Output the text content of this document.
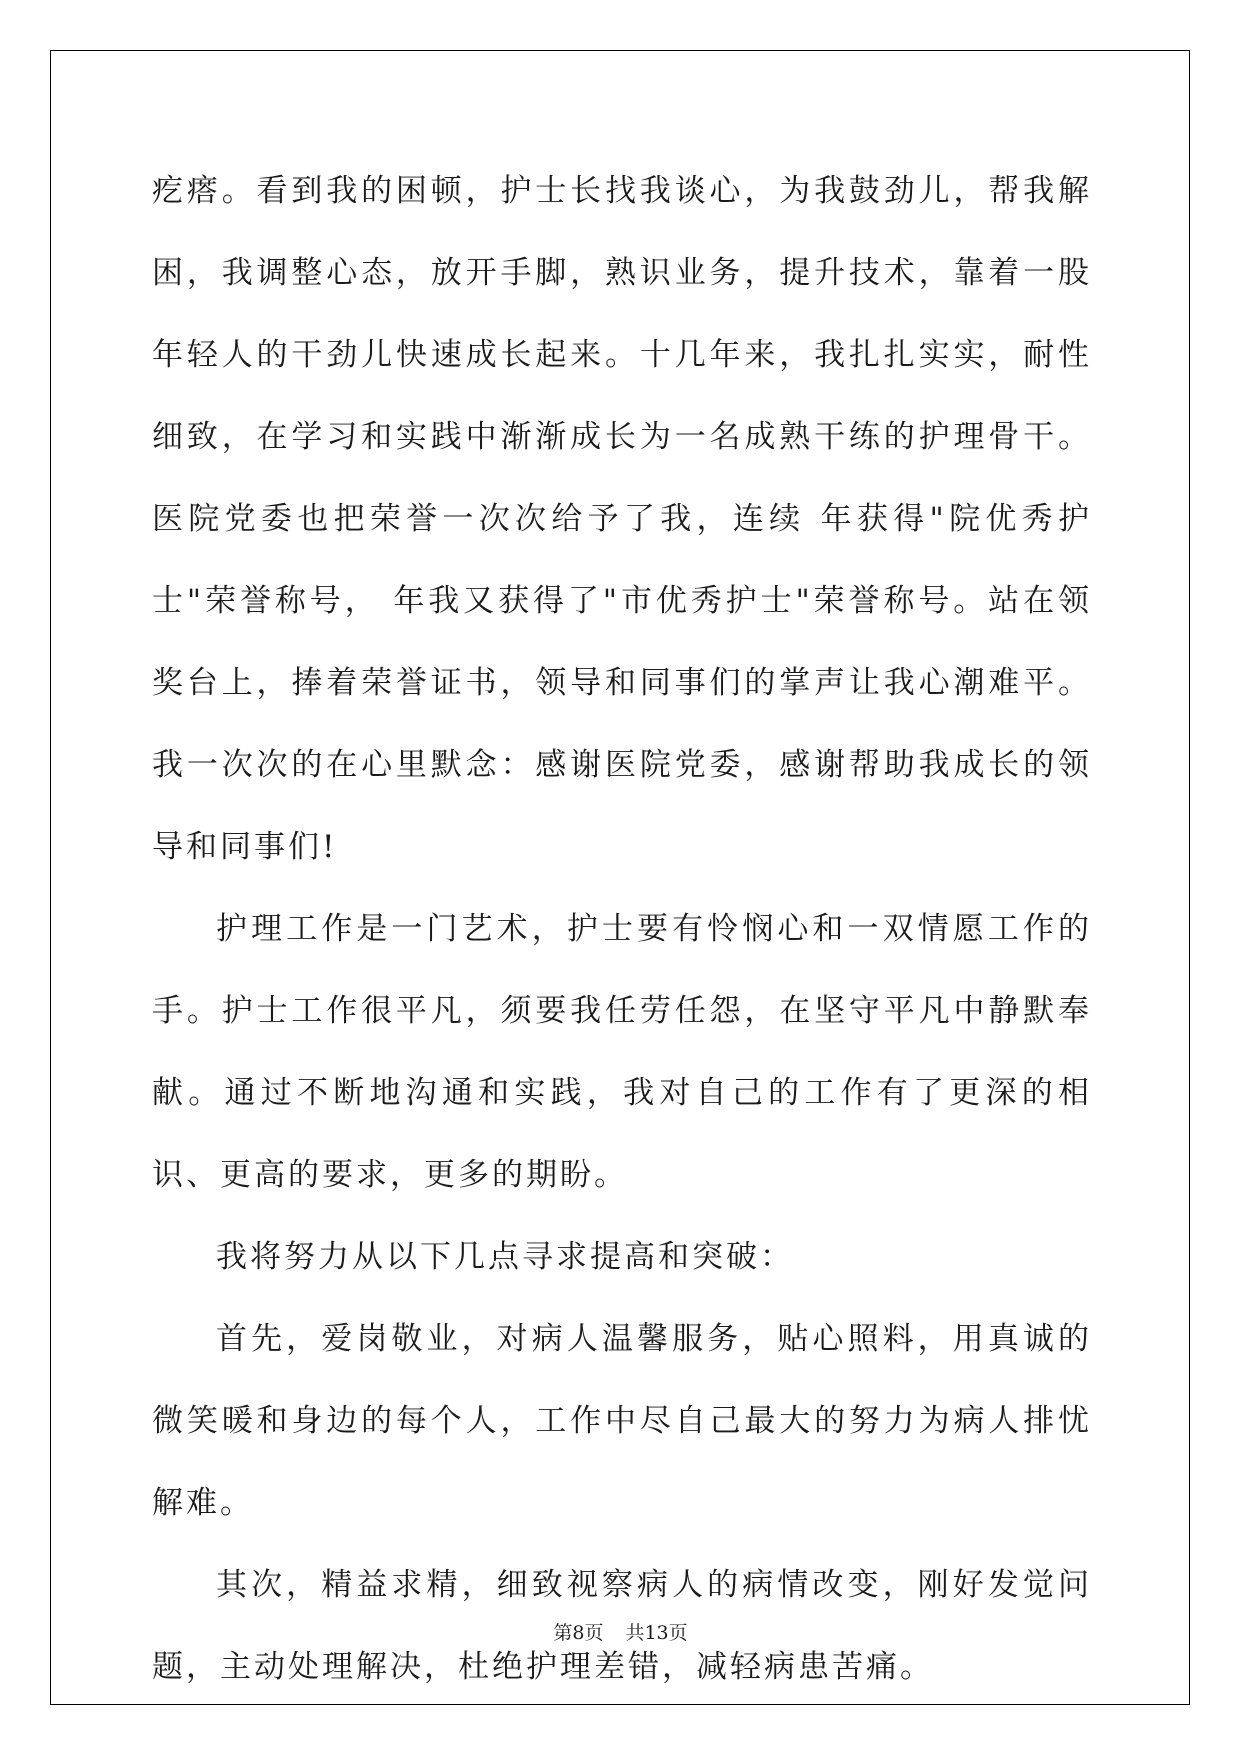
疙瘩。看到我的困顿，护士长找我谈心，为我鼓劲儿，帮我解困，我调整心态，放开手脚，熟识业务，提升技术，靠着一股年轻人的干劲儿快速成长起来。十几年来，我扎扎实实，耐性细致，在学习和实践中渐渐成长为一名成熟干练的护理骨干。医院党委也把荣誉一次次给予了我，连续 年获得"院优秀护士"荣誉称号， 年我又获得了"市优秀护士"荣誉称号。站在领奖台上，捧着荣誉证书，领导和同事们的掌声让我心潮难平。我一次次的在心里默念：感谢医院党委，感谢帮助我成长的领导和同事们!

护理工作是一门艺术，护士要有怜悯心和一双情愿工作的手。护士工作很平凡，须要我任劳任怨，在坚守平凡中静默奉献。通过不断地沟通和实践，我对自己的工作有了更深的相识、更高的要求，更多的期盼。

我将努力从以下几点寻求提高和突破：

首先，爱岗敬业，对病人温馨服务，贴心照料，用真诚的微笑暖和身边的每个人，工作中尽自己最大的努力为病人排忧解难。

其次，精益求精，细致视察病人的病情改变，刚好发觉问题，主动处理解决，杜绝护理差错，减轻病患苦痛。

第8页 共13页
